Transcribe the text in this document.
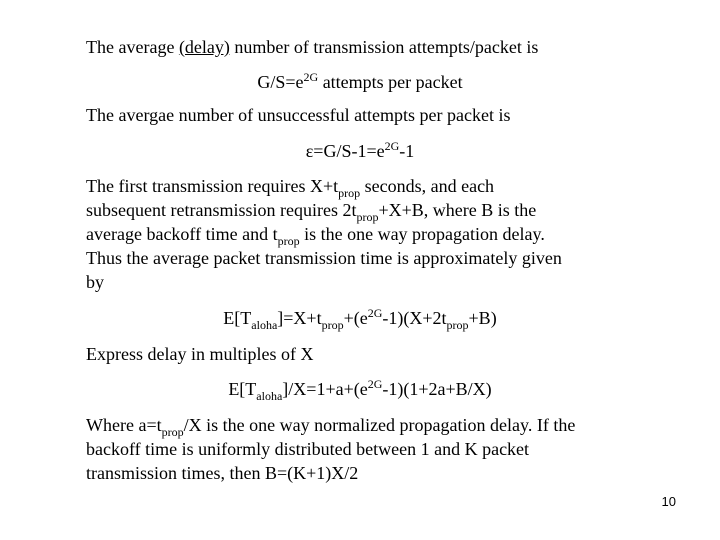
The average (delay) number of transmission attempts/packet is
$G/S=e^{2G}$ attempts per packet
The avergae number of unsuccessful attempts per packet is
$\varepsilon=G/S-1=e^{2G}-1$
The first transmission requires $X+t_{prop}$ seconds, and each
subsequent retransmission requires $2t_{prop}+X+B$, where B is the
average backoff time and $t_{prop}$ is the one way propagation delay.
Thus the average packet transmission time is approximately given
by
$E[T_{aloha}]=X+t_{prop}+(e^{2G}-1)(X+2t_{prop}+B)$
Express delay in multiples of X
$E[T_{aloha}]/X=1+a+(e^{2G}-1)(1+2a+B/X)$
Where $a=t_{prop}/X$ is the one way normalized propagation delay. If the
backoff time is uniformly distributed between 1 and K packet
transmission times, then B=(K+1)X/2
10
